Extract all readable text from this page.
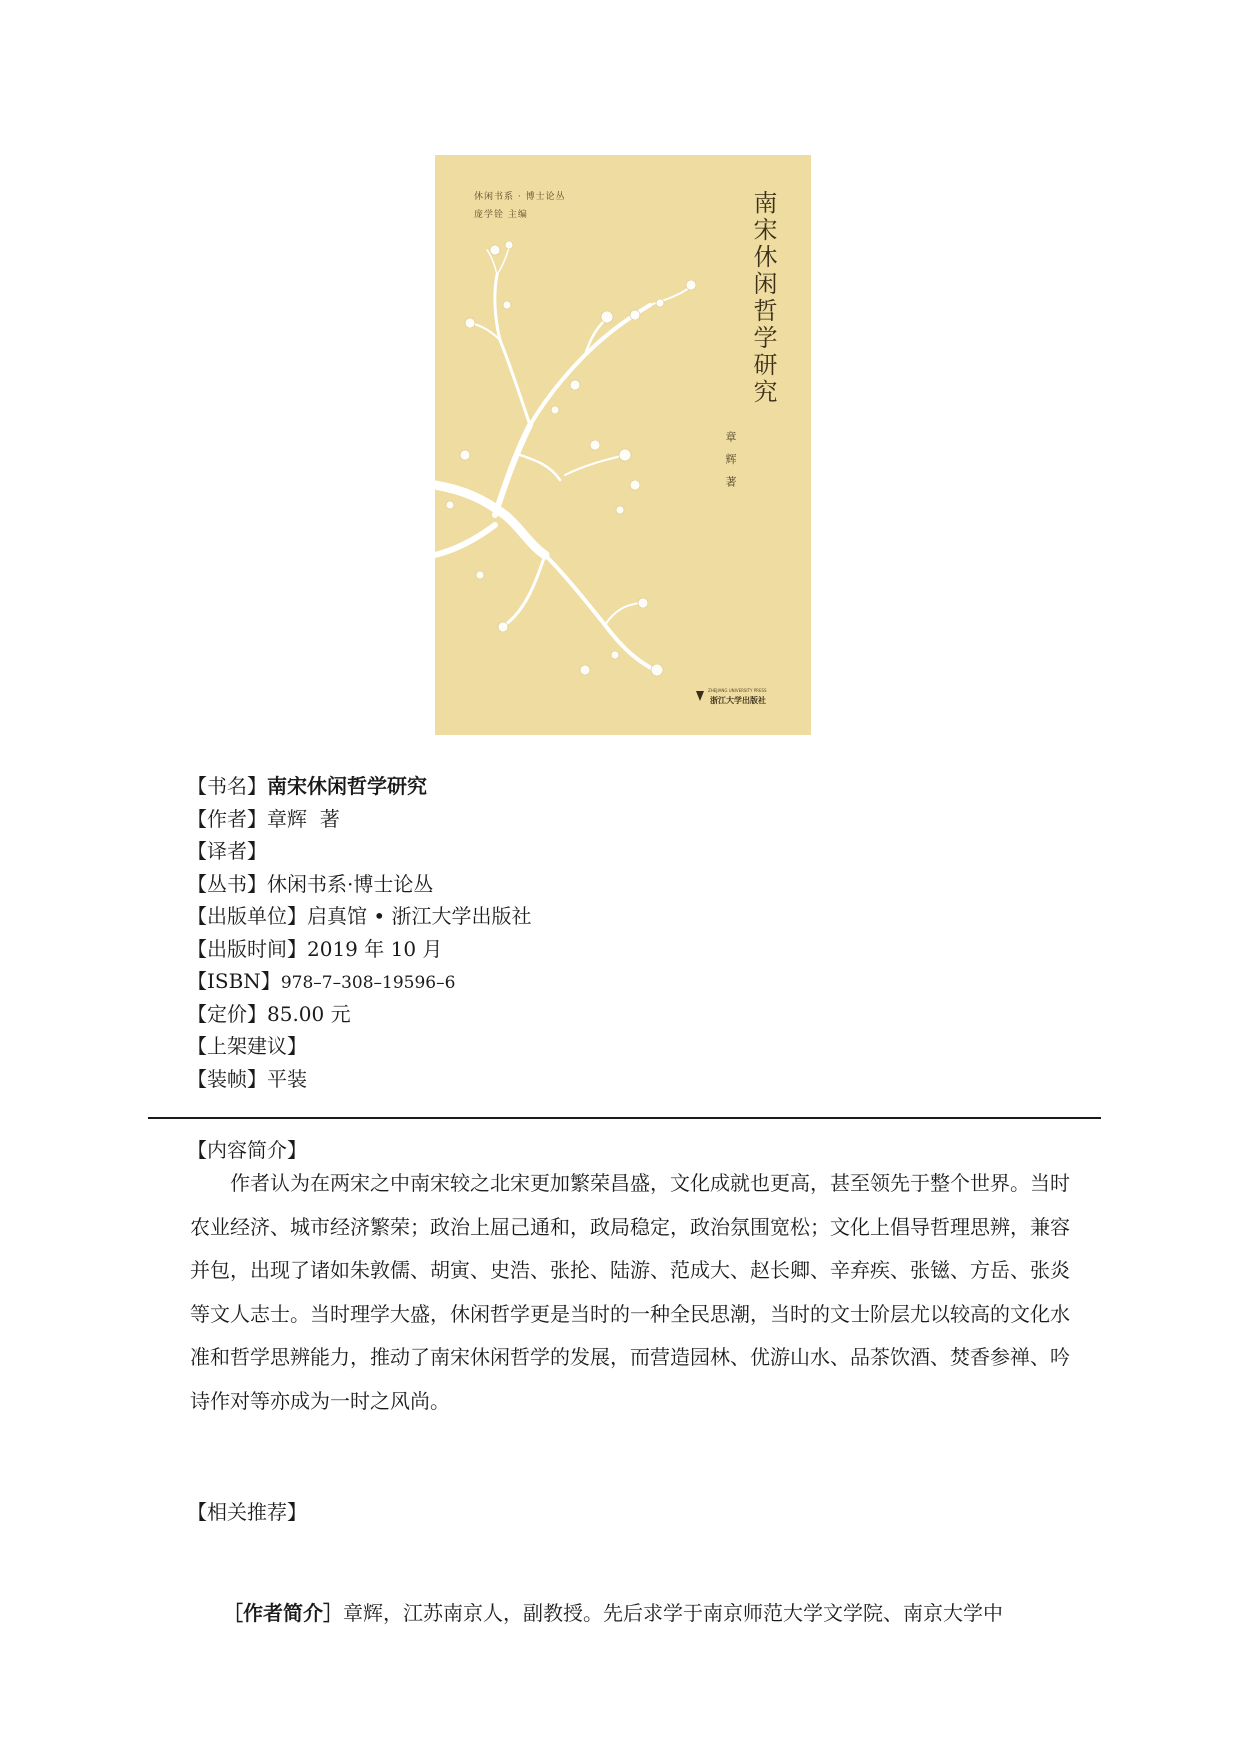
休闲书系 · 博士论丛
庞学铨 主编	南宋休闲哲学研究
章 辉 著
ZHEJIANG UNIVERSITY PRESS
浙江大学出版社
【书名】南宋休闲哲学研究
【作者】章辉  著
【译者】
【丛书】休闲书系·博士论丛
【出版单位】启真馆 • 浙江大学出版社
【出版时间】2019 年 10 月
【ISBN】978–7–308–19596–6
【定价】85.00 元
【上架建议】
【装帧】平装
【内容简介】

作者认为在两宋之中南宋较之北宋更加繁荣昌盛，文化成就也更高，甚至领先于整个世界。当时农业经济、城市经济繁荣；政治上屈己通和，政局稳定，政治氛围宽松；文化上倡导哲理思辨，兼容并包，出现了诸如朱敦儒、胡寅、史浩、张抡、陆游、范成大、赵长卿、辛弃疾、张镃、方岳、张炎等文人志士。当时理学大盛，休闲哲学更是当时的一种全民思潮，当时的文士阶层尤以较高的文化水准和哲学思辨能力，推动了南宋休闲哲学的发展，而营造园林、优游山水、品茶饮酒、焚香参禅、吟诗作对等亦成为一时之风尚。

【相关推荐】
［作者简介］章辉，江苏南京人，副教授。先后求学于南京师范大学文学院、南京大学中
